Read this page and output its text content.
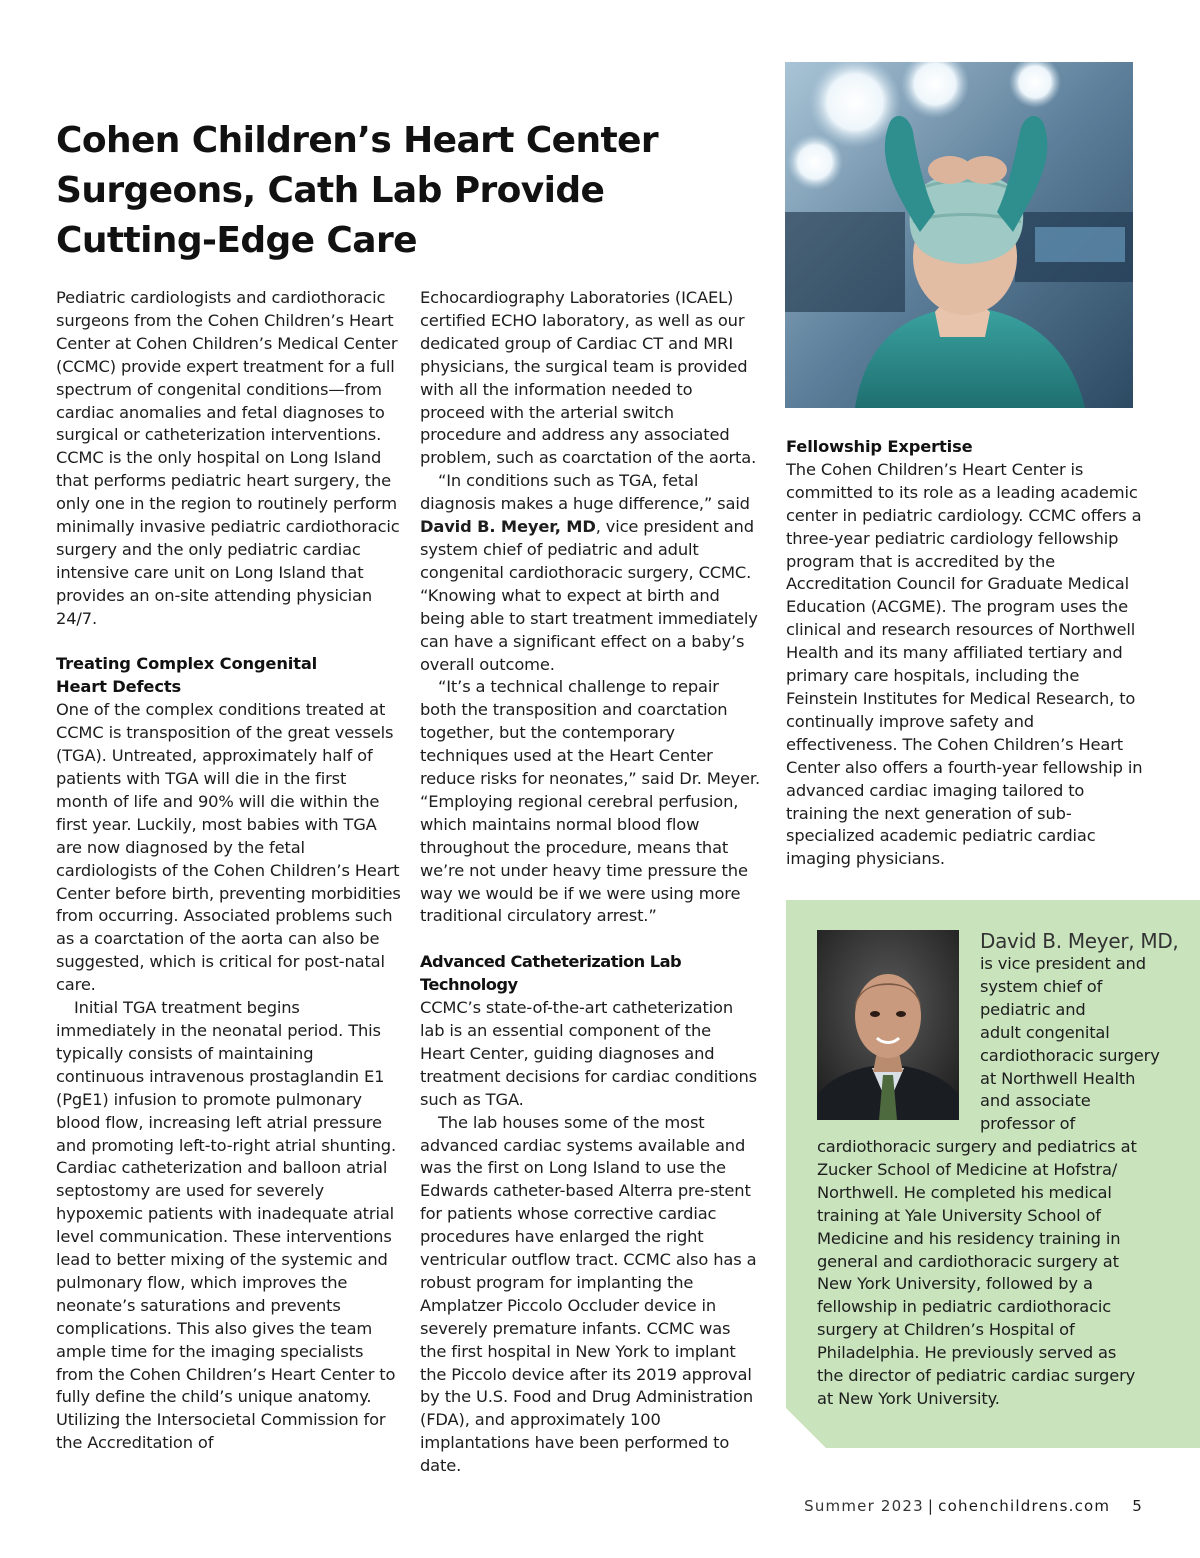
Cohen Children’s Heart Center
Surgeons, Cath Lab Provide
Cutting-Edge Care

Pediatric cardiologists and cardiothoracic surgeons from the Cohen Children’s Heart Center at Cohen Children’s Medical Center (CCMC) provide expert treatment for a full spectrum of congenital conditions—from cardiac anomalies and fetal diagnoses to surgical or catheterization interventions. CCMC is the only hospital on Long Island that performs pediatric heart surgery, the only one in the region to routinely perform minimally invasive pediatric cardiothoracic surgery and the only pediatric cardiac intensive care unit on Long Island that provides an on-site attending physician 24/7.

Treating Complex Congenital
Heart Defects

One of the complex conditions treated at CCMC is transposition of the great vessels (TGA). Untreated, approximately half of patients with TGA will die in the first month of life and 90% will die within the first year. Luckily, most babies with TGA are now diagnosed by the fetal cardiologists of the Cohen Children’s Heart Center before birth, preventing morbidities from occurring. Associated problems such as a coarctation of the aorta can also be suggested, which is critical for post-natal care.

Initial TGA treatment begins immediately in the neonatal period. This typically consists of maintaining continuous intravenous prostaglandin E1 (PgE1) infusion to promote pulmonary blood flow, increasing left atrial pressure and promoting left-to-right atrial shunting. Cardiac catheterization and balloon atrial septostomy are used for severely hypoxemic patients with inadequate atrial level communication. These interventions lead to better mixing of the systemic and pulmonary flow, which improves the neonate’s saturations and prevents complications. This also gives the team ample time for the imaging specialists from the Cohen Children’s Heart Center to fully define the child’s unique anatomy. Utilizing the Intersocietal Commission for the Accreditation of

Echocardiography Laboratories (ICAEL) certified ECHO laboratory, as well as our dedicated group of Cardiac CT and MRI physicians, the surgical team is provided with all the information needed to proceed with the arterial switch procedure and address any associated problem, such as coarctation of the aorta.

“In conditions such as TGA, fetal diagnosis makes a huge difference,” said David B. Meyer, MD, vice president and system chief of pediatric and adult congenital cardiothoracic surgery, CCMC. “Knowing what to expect at birth and being able to start treatment immediately can have a significant effect on a baby’s overall outcome.

“It’s a technical challenge to repair both the transposition and coarctation together, but the contemporary techniques used at the Heart Center reduce risks for neonates,” said Dr. Meyer. “Employing regional cerebral perfusion, which maintains normal blood flow throughout the procedure, means that we’re not under heavy time pressure the way we would be if we were using more traditional circulatory arrest.”

Advanced Catheterization Lab Technology

CCMC’s state-of-the-art catheterization lab is an essential component of the Heart Center, guiding diagnoses and treatment decisions for cardiac conditions such as TGA.

The lab houses some of the most advanced cardiac systems available and was the first on Long Island to use the Edwards catheter-based Alterra pre-stent for patients whose corrective cardiac procedures have enlarged the right ventricular outflow tract. CCMC also has a robust program for implanting the Amplatzer Piccolo Occluder device in severely premature infants. CCMC was the first hospital in New York to implant the Piccolo device after its 2019 approval by the U.S. Food and Drug Administration (FDA), and approximately 100 implantations have been performed to date.

Fellowship Expertise

The Cohen Children’s Heart Center is committed to its role as a leading academic center in pediatric cardiology. CCMC offers a three-year pediatric cardiology fellowship program that is accredited by the Accreditation Council for Graduate Medical Education (ACGME). The program uses the clinical and research resources of Northwell Health and its many affiliated tertiary and primary care hospitals, including the Feinstein Institutes for Medical Research, to continually improve safety and effectiveness. The Cohen Children’s Heart Center also offers a fourth-year fellowship in advanced cardiac imaging tailored to training the next generation of sub-specialized academic pediatric cardiac imaging physicians.

David B. Meyer, MD,

is vice president and
system chief of
pediatric and
adult congenital
cardiothoracic surgery
at Northwell Health
and associate
professor of

cardiothoracic surgery and pediatrics at Zucker School of Medicine at Hofstra/ Northwell. He completed his medical training at Yale University School of Medicine and his residency training in general and cardiothoracic surgery at New York University, followed by a fellowship in pediatric cardiothoracic surgery at Children’s Hospital of Philadelphia. He previously served as the director of pediatric cardiac surgery at New York University.

Summer 2023 | cohenchildrens.com 5
